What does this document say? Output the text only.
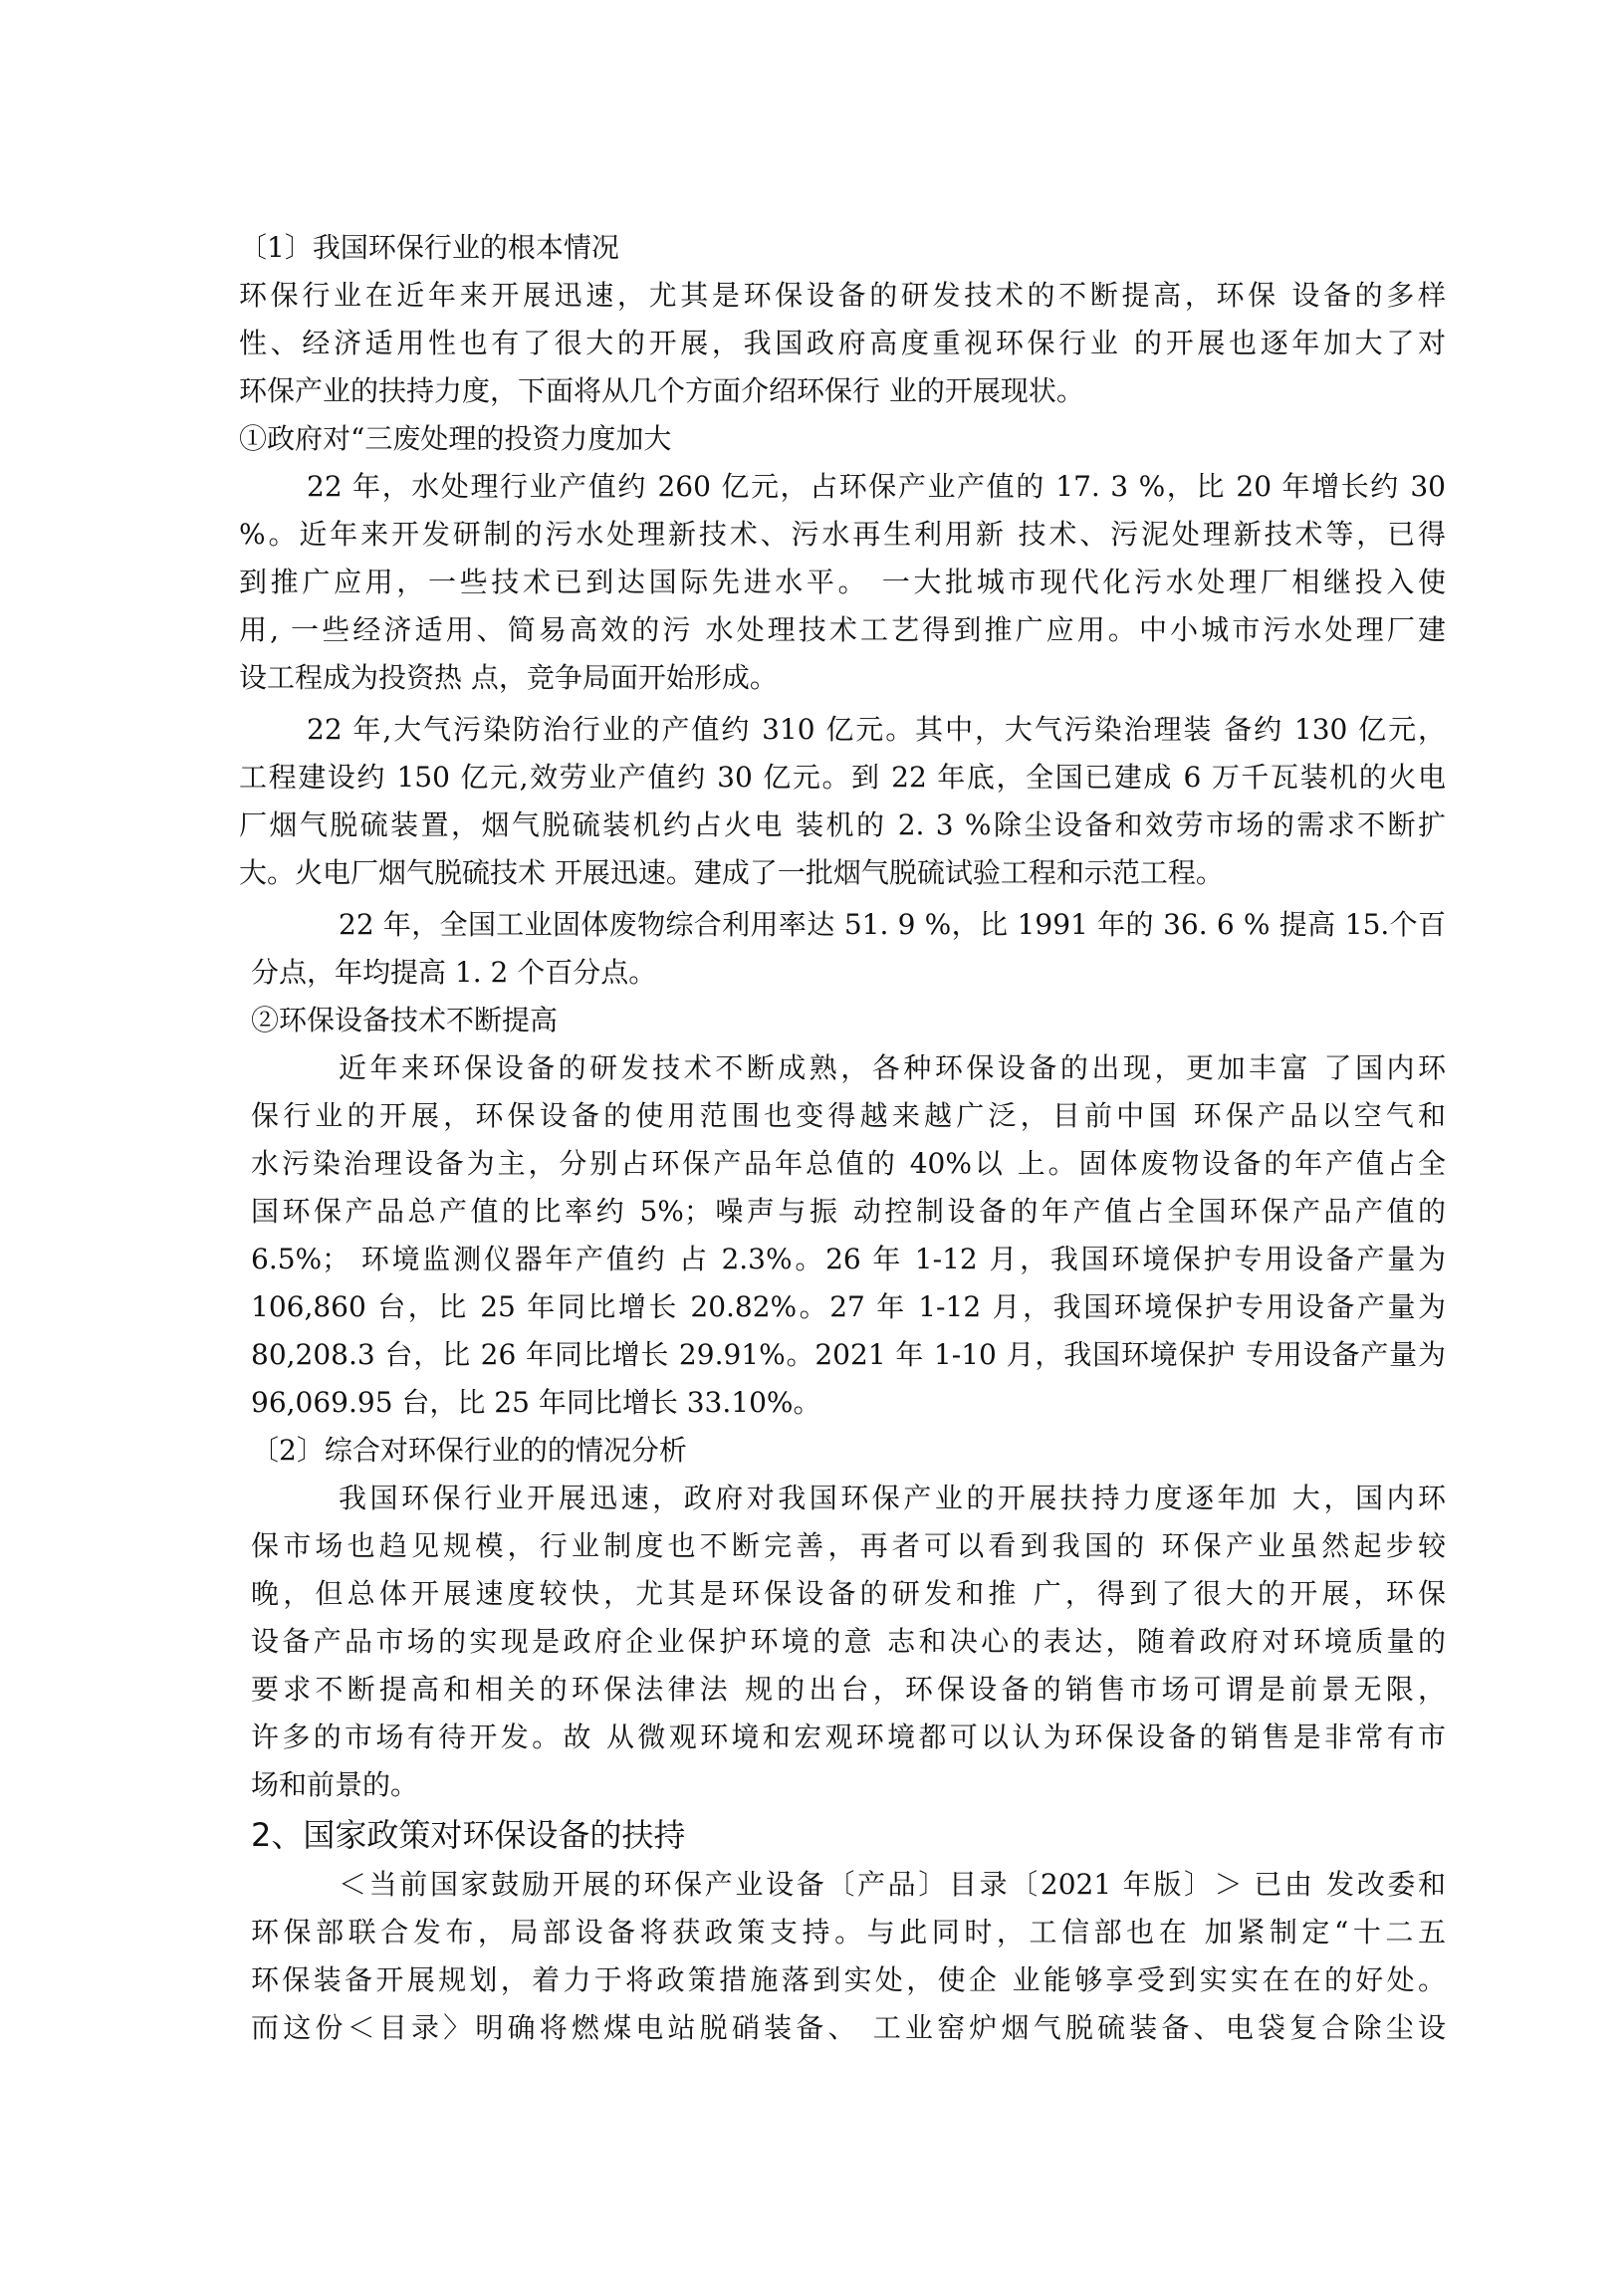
〔1〕我国环保行业的根本情况
环保行业在近年来开展迅速，尤其是环保设备的研发技术的不断提高，环保 设备的多样
性、经济适用性也有了很大的开展，我国政府高度重视环保行业 的开展也逐年加大了对
环保产业的扶持力度，下面将从几个方面介绍环保行 业的开展现状。
①政府对“三废处理的投资力度加大
22 年，水处理行业产值约 260 亿元，占环保产业产值的 17. 3 %，比 20 年增长约 30
%。近年来开发研制的污水处理新技术、污水再生利用新 技术、污泥处理新技术等，已得
到推广应用，一些技术已到达国际先进水平。 一大批城市现代化污水处理厂相继投入使
用, 一些经济适用、简易高效的污 水处理技术工艺得到推广应用。中小城市污水处理厂建
设工程成为投资热 点，竞争局面开始形成。
22 年,大气污染防治行业的产值约 310 亿元。其中，大气污染治理装 备约 130 亿元，
工程建设约 150 亿元,效劳业产值约 30 亿元。到 22 年底，全国已建成 6 万千瓦装机的火电
厂烟气脱硫装置，烟气脱硫装机约占火电 装机的 2. 3 %除尘设备和效劳市场的需求不断扩
大。火电厂烟气脱硫技术 开展迅速。建成了一批烟气脱硫试验工程和示范工程。
22 年，全国工业固体废物综合利用率达 51. 9 %，比 1991 年的 36. 6 % 提高 15.个百
分点，年均提高 1. 2 个百分点。
②环保设备技术不断提高
近年来环保设备的研发技术不断成熟，各种环保设备的出现，更加丰富 了国内环
保行业的开展，环保设备的使用范围也变得越来越广泛，目前中国 环保产品以空气和
水污染治理设备为主，分别占环保产品年总值的 40%以 上。固体废物设备的年产值占全
国环保产品总产值的比率约 5%；噪声与振 动控制设备的年产值占全国环保产品产值的
6.5%； 环境监测仪器年产值约 占 2.3%。26 年 1-12 月，我国环境保护专用设备产量为
106,860 台，比 25 年同比增长 20.82%。27 年 1-12 月，我国环境保护专用设备产量为
80,208.3 台，比 26 年同比增长 29.91%。2021 年 1-10 月，我国环境保护 专用设备产量为
96,069.95 台，比 25 年同比增长 33.10%。
〔2〕综合对环保行业的的情况分析
我国环保行业开展迅速，政府对我国环保产业的开展扶持力度逐年加 大，国内环
保市场也趋见规模，行业制度也不断完善，再者可以看到我国的 环保产业虽然起步较
晚，但总体开展速度较快，尤其是环保设备的研发和推 广，得到了很大的开展，环保
设备产品市场的实现是政府企业保护环境的意 志和决心的表达，随着政府对环境质量的
要求不断提高和相关的环保法律法 规的出台，环保设备的销售市场可谓是前景无限，
许多的市场有待开发。故 从微观环境和宏观环境都可以认为环保设备的销售是非常有市
场和前景的。
2、国家政策对环保设备的扶持
＜当前国家鼓励开展的环保产业设备〔产品〕目录〔2021 年版〕＞ 已由 发改委和
环保部联合发布，局部设备将获政策支持。与此同时，工信部也在 加紧制定“十二五
环保装备开展规划，着力于将政策措施落到实处，使企 业能够享受到实实在在的好处。
而这份＜目录〉明确将燃煤电站脱硝装备、 工业窑炉烟气脱硫装备、电袋复合除尘设
